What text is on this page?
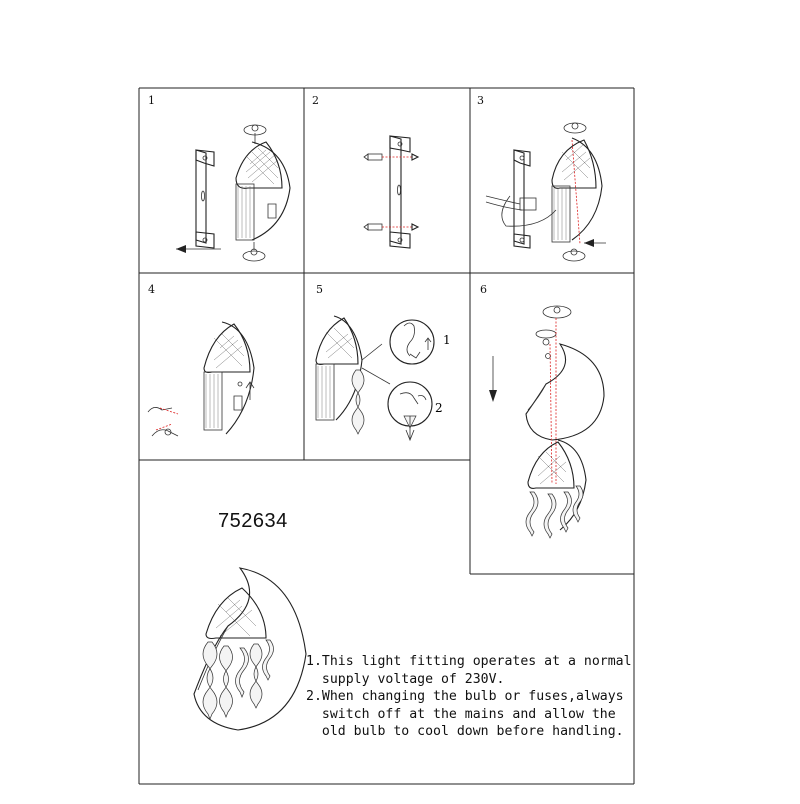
1
2
1	2	3
4	5	6
752634

1.This light fitting operates at a normal

supply voltage of 230V.

2.When changing the bulb or fuses,always

switch off at the mains and allow the

old bulb to cool down before handling.
